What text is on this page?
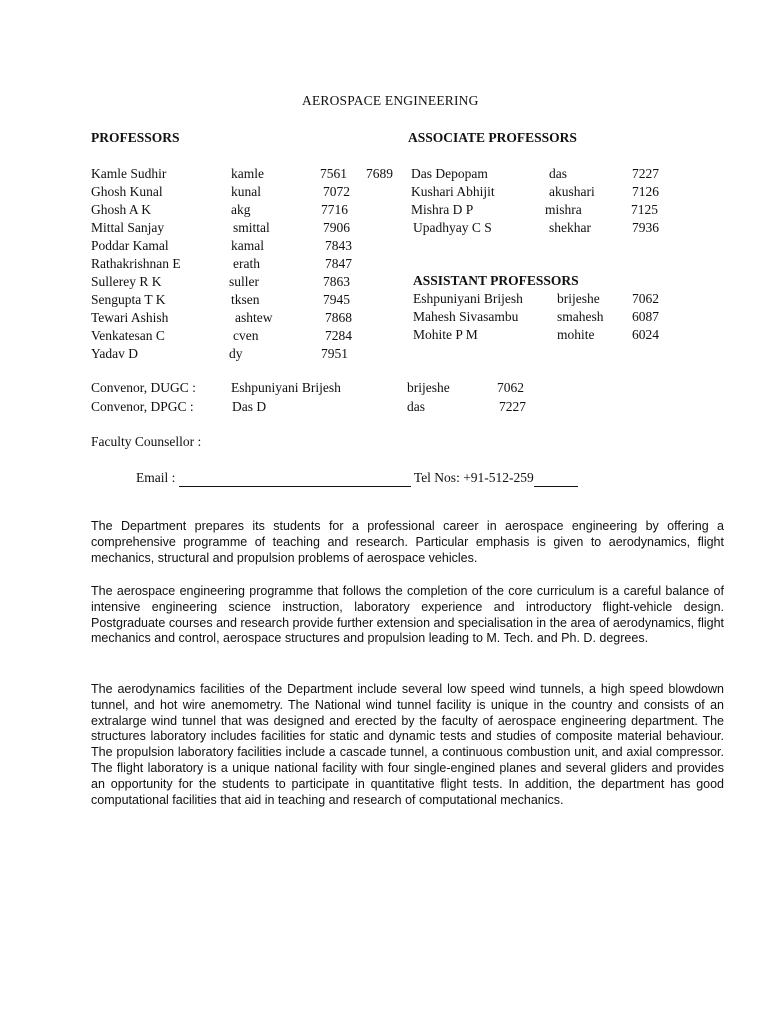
AEROSPACE ENGINEERING
PROFESSORS
Kamle Sudhir	kamle	7561 7689
Ghosh Kunal	kunal	7072
Ghosh A K	akg	7716
Mittal Sanjay	smittal	7906
Poddar Kamal	kamal	7843
Rathakrishnan E	erath	7847
Sullerey R K	suller	7863
Sengupta T K	tksen	7945
Tewari Ashish	ashtew	7868
Venkatesan C	cven	7284
Yadav D	dy	7951
ASSOCIATE PROFESSORS
Das Depopam	das	7227
Kushari Abhijit	akushari	7126
Mishra D P	mishra	7125
Upadhyay C S	shekhar	7936
ASSISTANT PROFESSORS
Eshpuniyani Brijesh	brijeshe 7062
Mahesh Sivasambu	smahesh 6087
Mohite P M	mohite	6024
Convenor, DUGC :	Eshpuniyani Brijesh	brijeshe	7062
Convenor, DPGC :	Das D	das	7227
Faculty Counsellor :
Email :	Tel Nos: +91-512-259

The Department prepares its students for a professional career in aerospace engineering by offering a comprehensive programme of teaching and research. Particular emphasis is given to aerodynamics, flight mechanics, structural and propulsion problems of aerospace vehicles.

The aerospace engineering programme that follows the completion of the core curriculum is a careful balance of intensive engineering science instruction, laboratory experience and introductory flight-vehicle design. Postgraduate courses and research provide further extension and specialisation in the area of aerodynamics, flight mechanics and control, aerospace structures and propulsion leading to M. Tech. and Ph. D. degrees.

The aerodynamics facilities of the Department include several low speed wind tunnels, a high speed blowdown tunnel, and hot wire anemometry. The National wind tunnel facility is unique in the country and consists of an extralarge wind tunnel that was designed and erected by the faculty of aerospace engineering department. The structures laboratory includes facilities for static and dynamic tests and studies of composite material behaviour. The propulsion laboratory facilities include a cascade tunnel, a continuous combustion unit, and axial compressor. The flight laboratory is a unique national facility with four single-engined planes and several gliders and provides an opportunity for the students to participate in quantitative flight tests. In addition, the department has good computational facilities that aid in teaching and research of computational mechanics.
